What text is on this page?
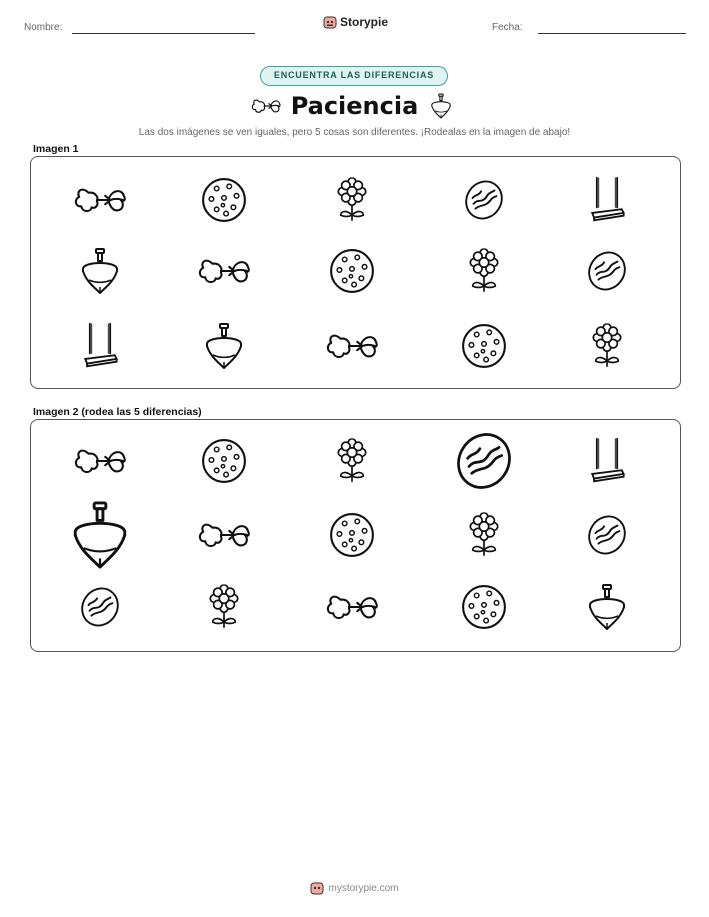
Nombre:	Storypie	Fecha:
ENCUENTRA LAS DIFERENCIAS
Paciencia
Las dos imágenes se ven iguales, pero 5 cosas son diferentes. ¡Rodealas en la imagen de abajo!
Imagen 1
Imagen 2 (rodea las 5 diferencias)
mystorypie.com
